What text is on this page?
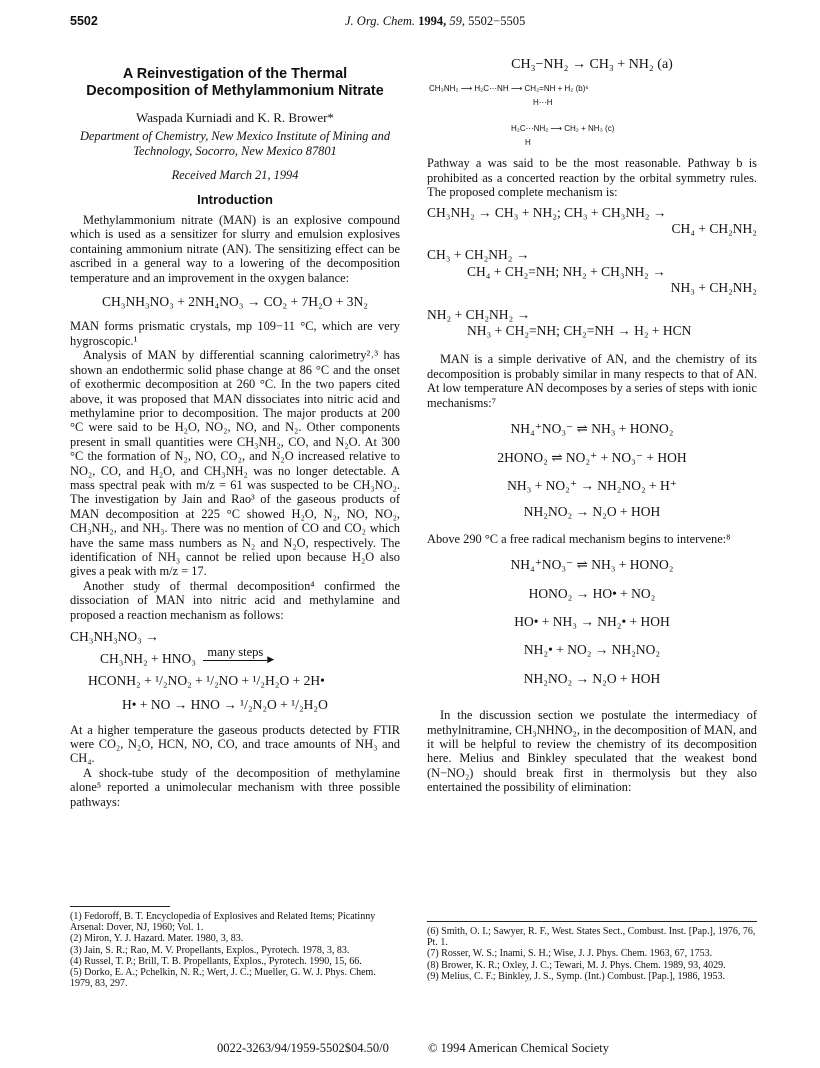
5502	J. Org. Chem. 1994, 59, 5502−5505
A Reinvestigation of the Thermal Decomposition of Methylammonium Nitrate
Waspada Kurniadi and K. R. Brower*
Department of Chemistry, New Mexico Institute of Mining and Technology, Socorro, New Mexico 87801
Received March 21, 1994
Introduction

Methylammonium nitrate (MAN) is an explosive compound which is used as a sensitizer for slurry and emulsion explosives containing ammonium nitrate (AN). The sensitizing effect can be ascribed in a general way to a lowering of the decomposition temperature and an improvement in the oxygen balance:

CH₃NH₃NO₃ + 2NH₄NO₃ → CO₂ + 7H₂O + 3N₂

MAN forms prismatic crystals, mp 109−11 °C, which are very hygroscopic.¹

Analysis of MAN by differential scanning calorimetry²˒³ has shown an endothermic solid phase change at 86 °C and the onset of exothermic decomposition at 260 °C. In the two papers cited above, it was proposed that MAN dissociates into nitric acid and methylamine prior to decomposition. The major products at 200 °C were said to be H₂O, NO₂, NO, and N₂. Other components present in small quantities were CH₃NH₂, CO, and N₂O. At 300 °C the formation of N₂, NO, CO₂, and N₂O increased relative to NO₂, CO, and H₂O, and CH₃NH₂ was no longer detectable. A mass spectral peak with m/z = 61 was suspected to be CH₃NO₂. The investigation by Jain and Rao³ of the gaseous products of MAN decomposition at 225 °C showed H₂O, N₂, NO, NO₂, CH₃NH₂, and NH₃. There was no mention of CO and CO₂ which have the same mass numbers as N₂ and N₂O, respectively. The identification of NH₃ cannot be relied upon because H₂O also gives a peak with m/z = 17.

Another study of thermal decomposition⁴ confirmed the dissociation of MAN into nitric acid and methylamine and proposed a reaction mechanism as follows:

CH₃NH₃NO₃ →
CH₃NH₂ + HNO₃ many steps ▶
HCONH₂ + ¹/₂NO₂ + ¹/₂NO + ¹/₂H₂O + 2H•
H• + NO → HNO → ¹/₂N₂O + ¹/₂H₂O

At a higher temperature the gaseous products detected by FTIR were CO₂, N₂O, HCN, NO, CO, and trace amounts of NH₃ and CH₄.

A shock-tube study of the decomposition of methylamine alone⁵ reported a unimolecular mechanism with three possible pathways:

CH₃−NH₂ → CH₃ + NH₂ (a)
CH₃NH₂ ⟶ H₂C⋯NH ⟶ CH₂=NH + H₂ (b)⁶
H⋯H
H₂C⋯NH₂ ⟶ CH₂ + NH₃ (c)
H

Pathway a was said to be the most reasonable. Pathway b is prohibited as a concerted reaction by the orbital symmetry rules. The proposed complete mechanism is:

CH₃NH₂ → CH₃ + NH₂; CH₃ + CH₃NH₂ →
CH₄ + CH₂NH₂
CH₃ + CH₂NH₂ →
CH₄ + CH₂=NH; NH₂ + CH₃NH₂ →
NH₃ + CH₂NH₂
NH₂ + CH₂NH₂ →
NH₃ + CH₂=NH; CH₂=NH → H₂ + HCN

MAN is a simple derivative of AN, and the chemistry of its decomposition is probably similar in many respects to that of AN. At low temperature AN decomposes by a series of steps with ionic mechanisms:⁷

NH₄⁺NO₃⁻ ⇌ NH₃ + HONO₂
2HONO₂ ⇌ NO₂⁺ + NO₃⁻ + HOH
NH₃ + NO₂⁺ → NH₂NO₂ + H⁺
NH₂NO₂ → N₂O + HOH

Above 290 °C a free radical mechanism begins to intervene:⁸

NH₄⁺NO₃⁻ ⇌ NH₃ + HONO₂
HONO₂ → HO• + NO₂
HO• + NH₃ → NH₂• + HOH
NH₂• + NO₂ → NH₂NO₂
NH₂NO₂ → N₂O + HOH

In the discussion section we postulate the intermediacy of methylnitramine, CH₃NHNO₂, in the decomposition of MAN, and it will be helpful to review the chemistry of its decomposition here. Melius and Binkley speculated that the weakest bond (N−NO₂) should break first in thermolysis but they also entertained the possibility of elimination:

(1) Fedoroff, B. T. Encyclopedia of Explosives and Related Items; Picatinny Arsenal: Dover, NJ, 1960; Vol. 1.
(2) Miron, Y. J. Hazard. Mater. 1980, 3, 83.
(3) Jain, S. R.; Rao, M. V. Propellants, Explos., Pyrotech. 1978, 3, 83.
(4) Russel, T. P.; Brill, T. B. Propellants, Explos., Pyrotech. 1990, 15, 66.
(5) Dorko, E. A.; Pchelkin, N. R.; Wert, J. C.; Mueller, G. W. J. Phys. Chem. 1979, 83, 297.
(6) Smith, O. I.; Sawyer, R. F., West. States Sect., Combust. Inst. [Pap.], 1976, 76, Pt. 1.
(7) Rosser, W. S.; Inami, S. H.; Wise, J. J. Phys. Chem. 1963, 67, 1753.
(8) Brower, K. R.; Oxley, J. C.; Tewari, M. J. Phys. Chem. 1989, 93, 4029.
(9) Melius, C. F.; Binkley, J. S., Symp. (Int.) Combust. [Pap.], 1986, 1953.
0022-3263/94/1959-5502$04.50/0	© 1994 American Chemical Society
